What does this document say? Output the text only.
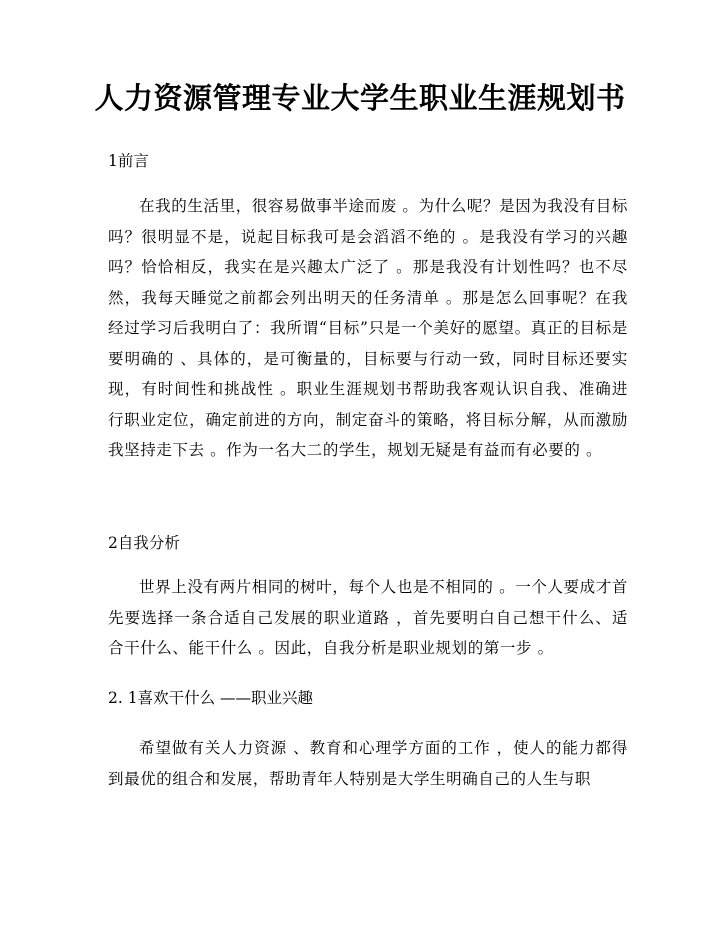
人力资源管理专业大学生职业生涯规划书
1前言
在我的生活里，很容易做事半途而废 。为什么呢？是因为我没有目标吗？很明显不是，说起目标我可是会滔滔不绝的 。是我没有学习的兴趣吗？恰恰相反，我实在是兴趣太广泛了 。那是我没有计划性吗？也不尽然，我每天睡觉之前都会列出明天的任务清单 。那是怎么回事呢？在我经过学习后我明白了：我所谓“目标”只是一个美好的愿望。真正的目标是要明确的 、具体的，是可衡量的，目标要与行动一致，同时目标还要实现，有时间性和挑战性 。职业生涯规划书帮助我客观认识自我、准确进行职业定位，确定前进的方向，制定奋斗的策略，将目标分解，从而激励我坚持走下去 。作为一名大二的学生，规划无疑是有益而有必要的 。
2自我分析
世界上没有两片相同的树叶，每个人也是不相同的 。一个人要成才首先要选择一条合适自己发展的职业道路 ，首先要明白自己想干什么、适合干什么、能干什么 。因此，自我分析是职业规划的第一步 。
2. 1喜欢干什么 ——职业兴趣
希望做有关人力资源 、教育和心理学方面的工作 ，使人的能力都得到最优的组合和发展，帮助青年人特别是大学生明确自己的人生与职
